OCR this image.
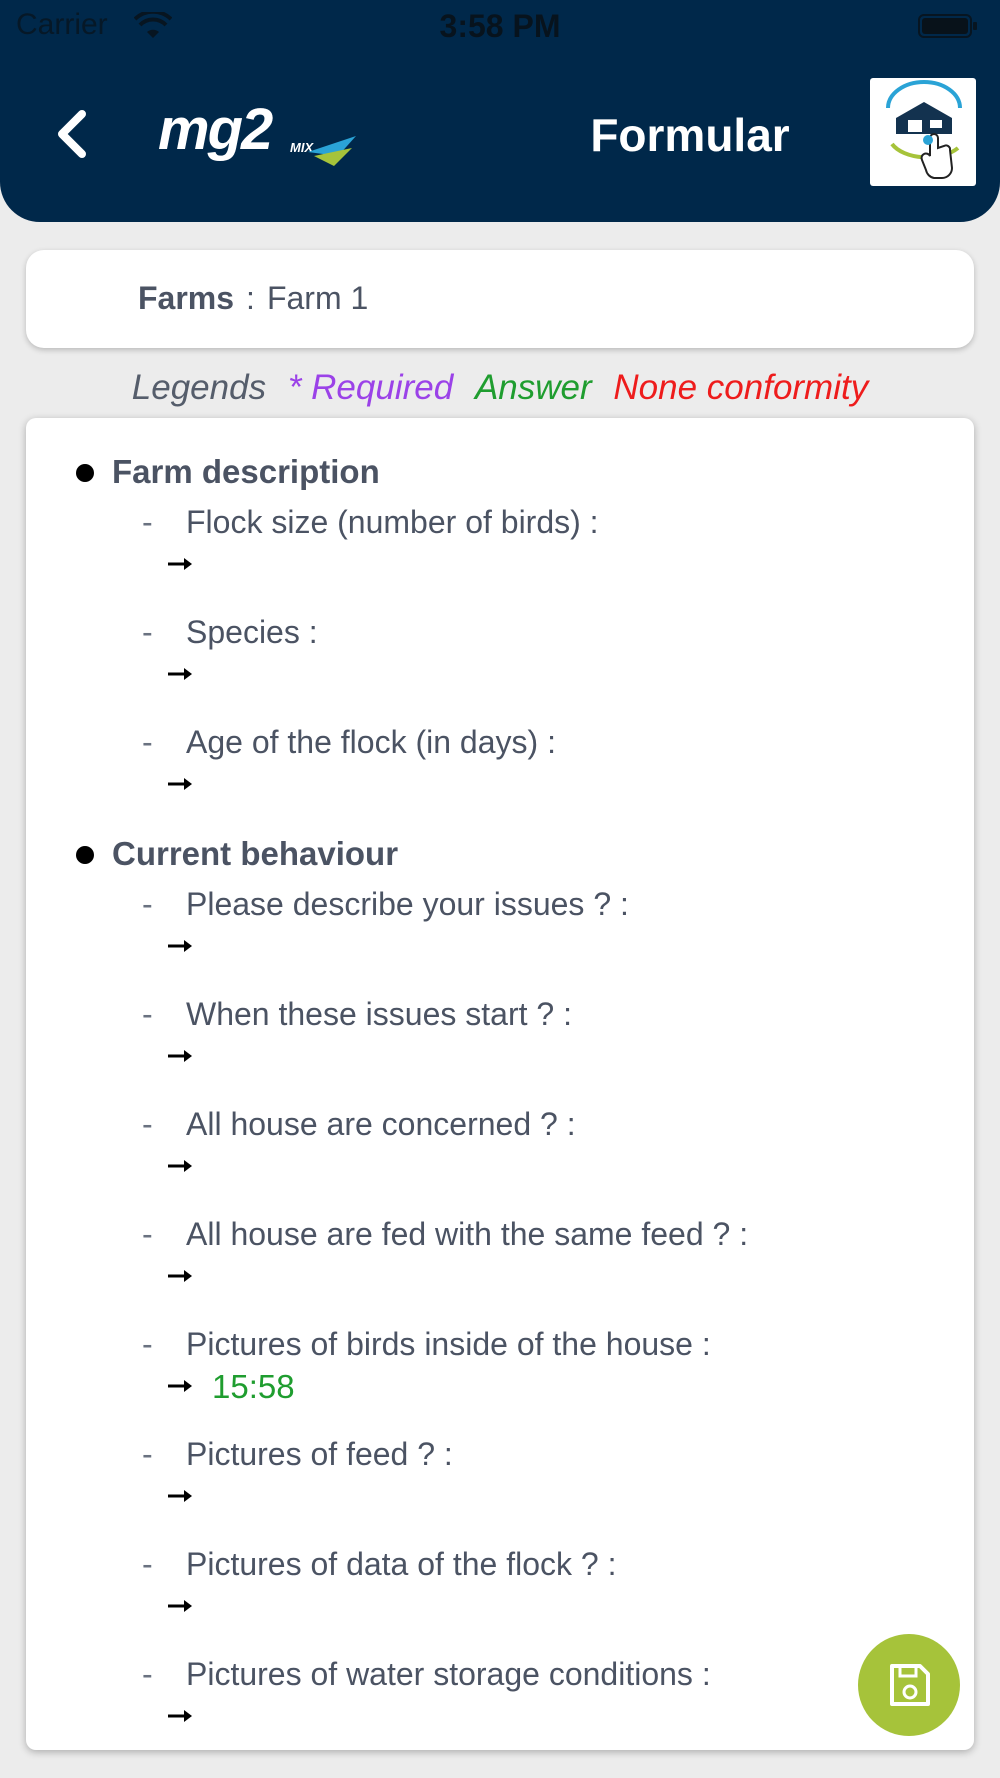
Carrier	3:58 PM
mg2 MIX	Formular
Farms : Farm 1
Legends * Required Answer None conformity
Farm description
- Flock size (number of birds) :
- Species :
- Age of the flock (in days) :
Current behaviour
- Please describe your issues ? :
- When these issues start ? :
- All house are concerned ? :
- All house are fed with the same feed ? :
- Pictures of birds inside of the house :
15:58
- Pictures of feed ? :
- Pictures of data of the flock ? :
- Pictures of water storage conditions :
